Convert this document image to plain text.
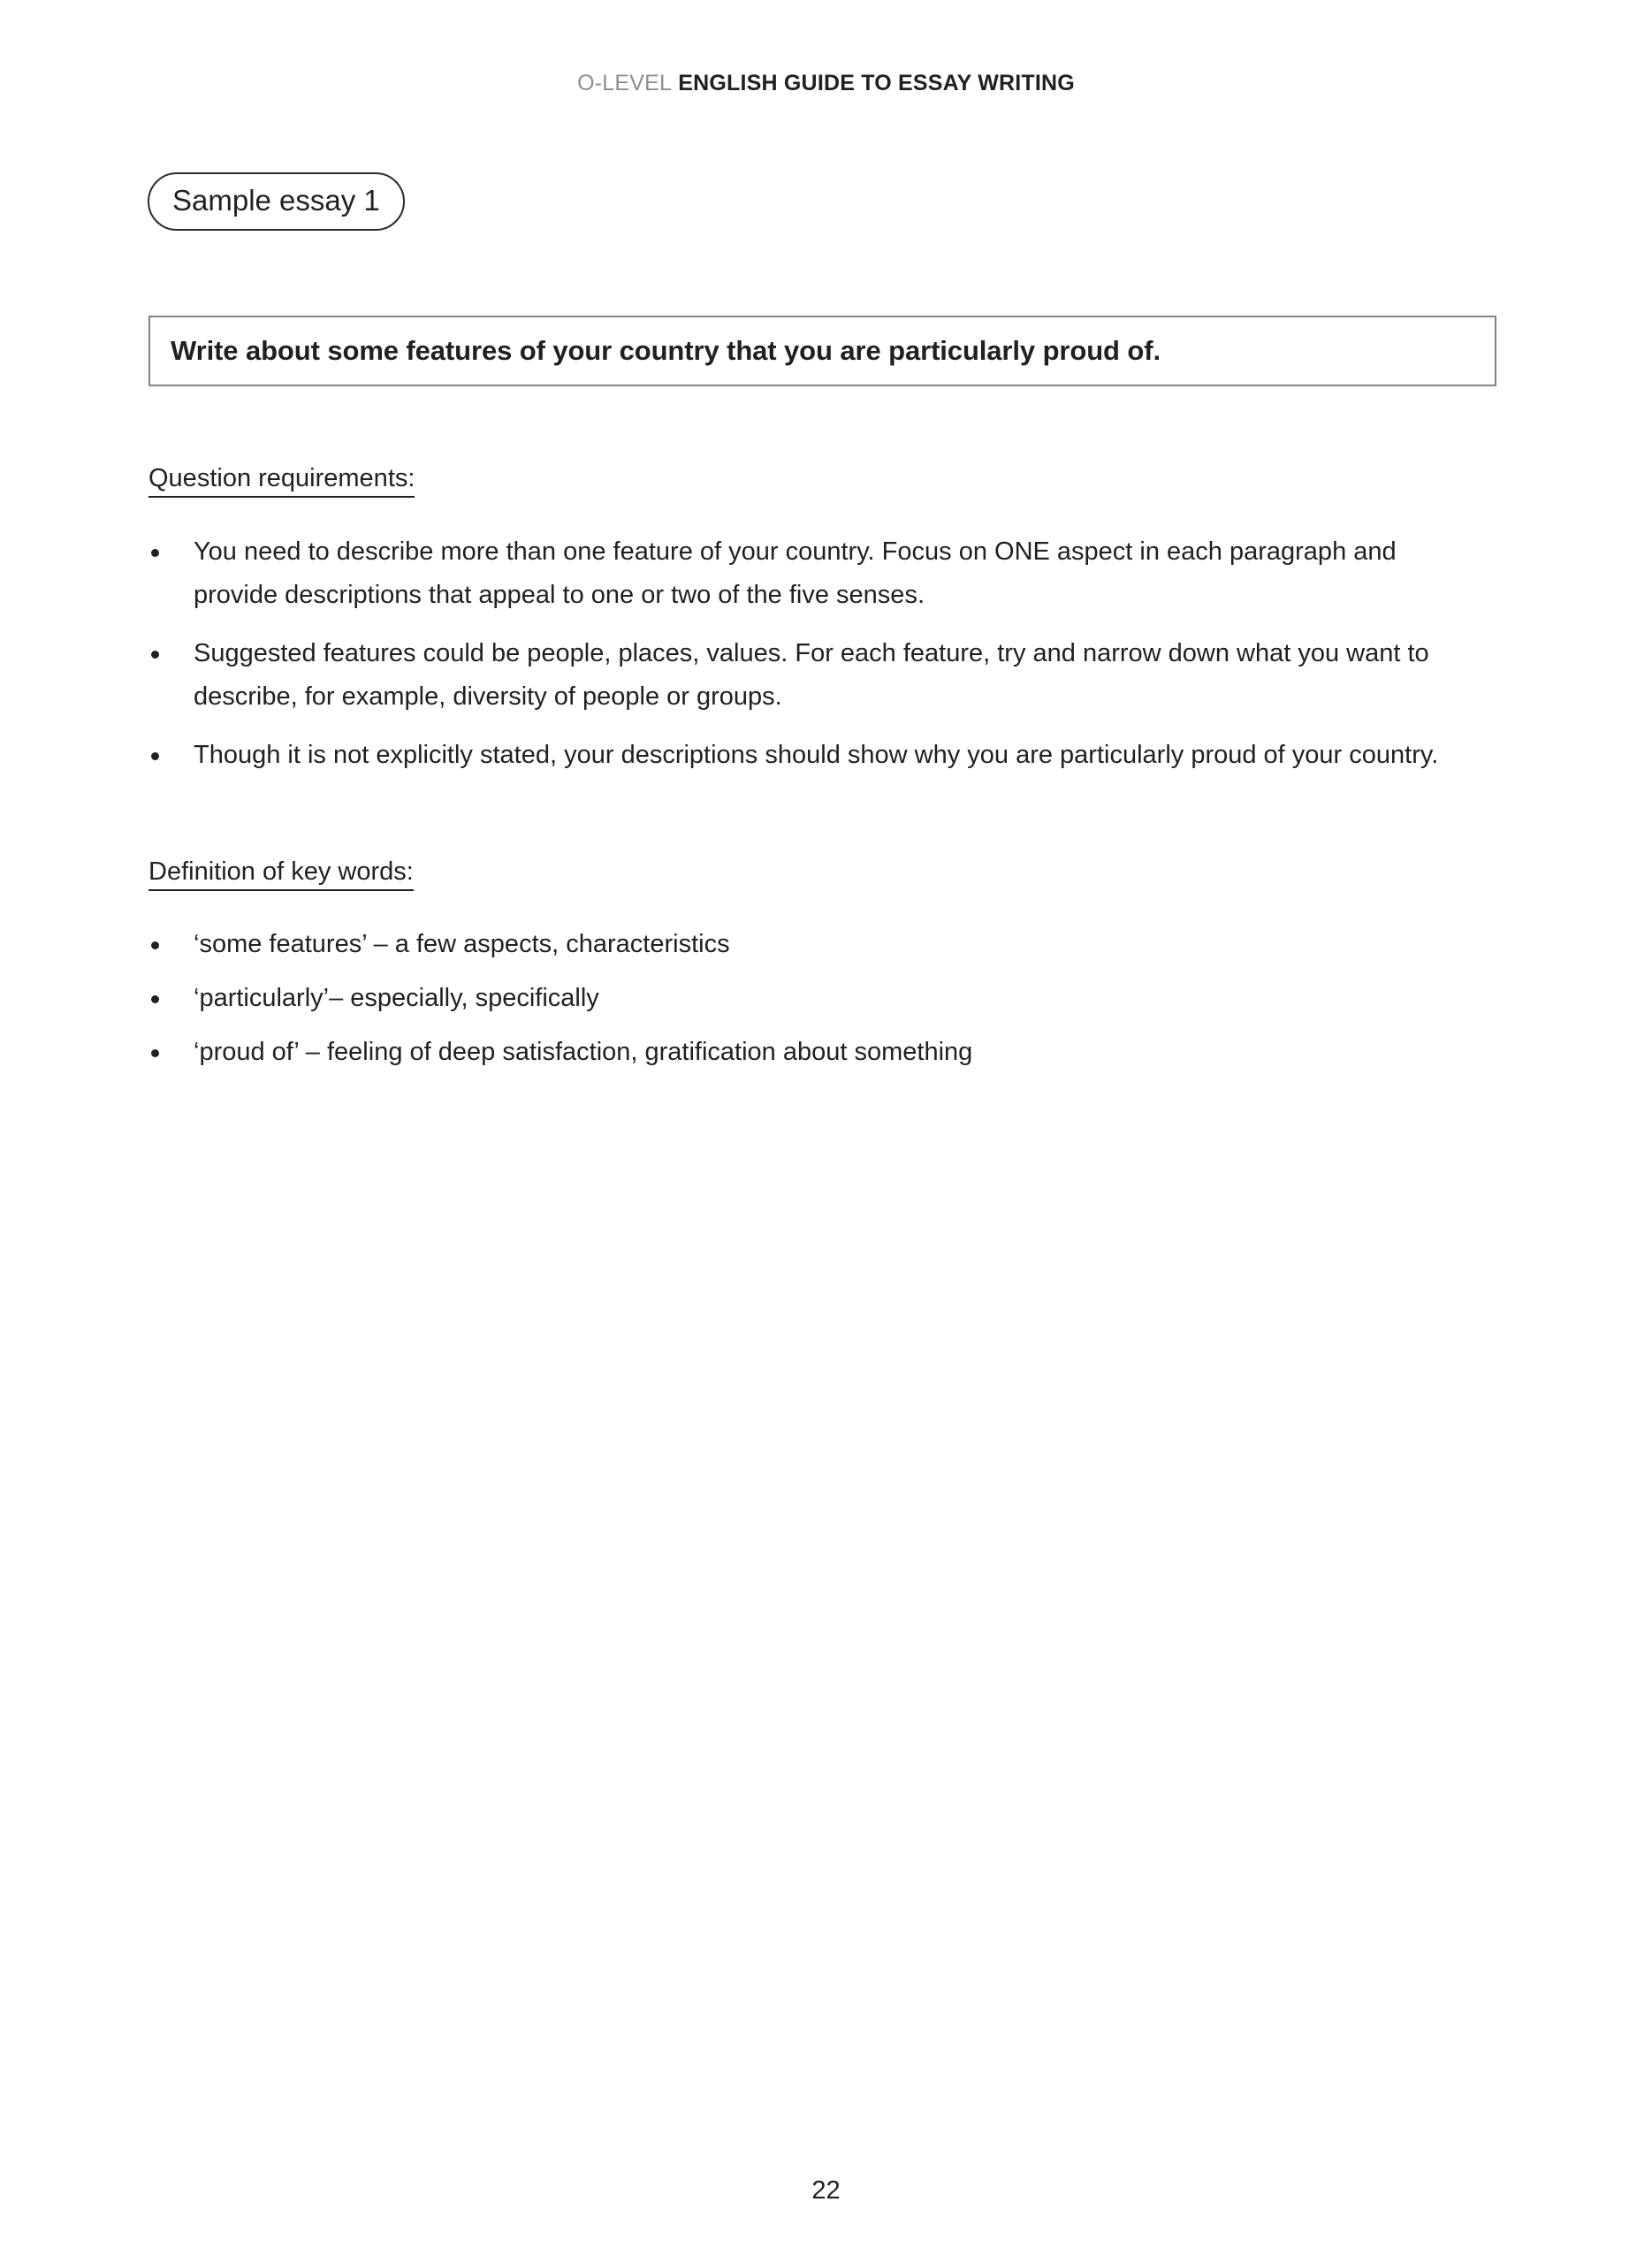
O-LEVEL ENGLISH GUIDE TO ESSAY WRITING
Sample essay 1
Write about some features of your country that you are particularly proud of.
Question requirements:
You need to describe more than one feature of your country. Focus on ONE aspect in each paragraph and provide descriptions that appeal to one or two of the five senses.
Suggested features could be people, places, values. For each feature, try and narrow down what you want to describe, for example, diversity of people or groups.
Though it is not explicitly stated, your descriptions should show why you are particularly proud of your country.
Definition of key words:
‘some features’ – a few aspects, characteristics
‘particularly’– especially, specifically
‘proud of’ – feeling of deep satisfaction, gratification about something
22
